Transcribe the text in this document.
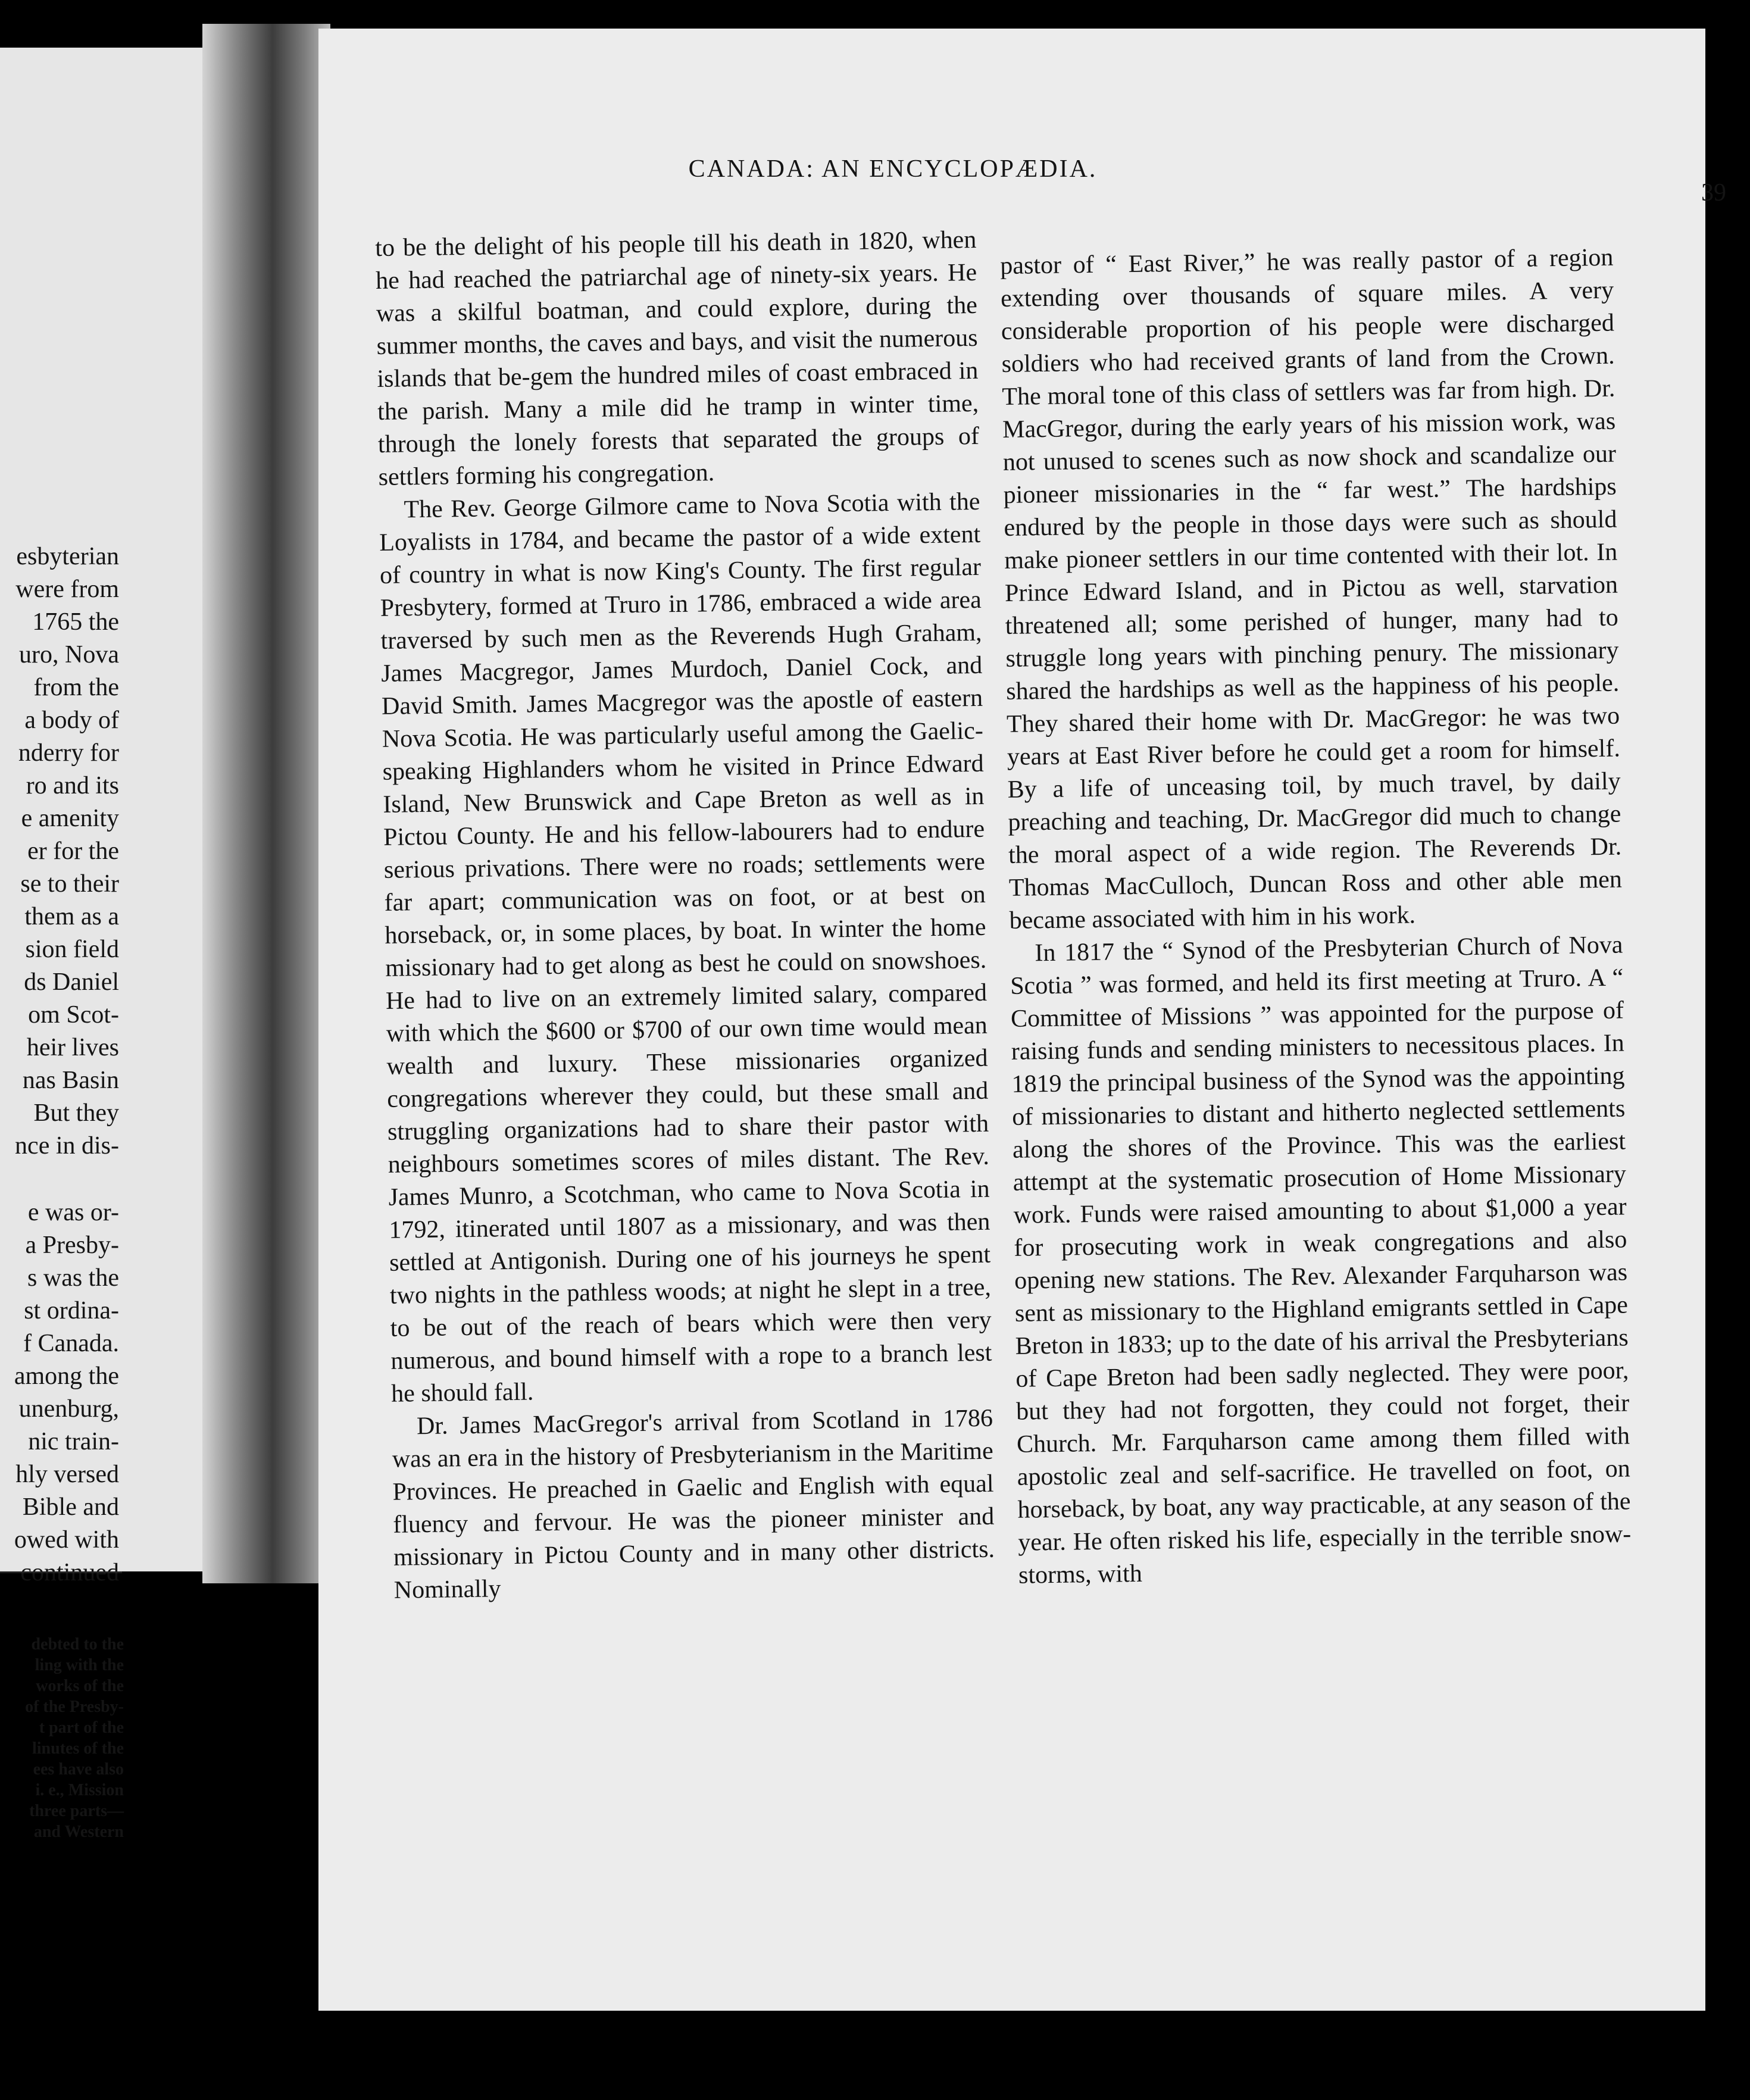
esbyterian
were from
1765 the
uro, Nova
from the
a body of
nderry for
ro and its
e amenity
er for the
se to their
them as a
sion field
ds Daniel
om Scot-
heir lives
nas Basin
But they
nce in dis-
e was or-
a Presby-
s was the
st ordina-
f Canada.
among the
unenburg,
nic train-
hly versed
Bible and
owed with
continued
debted to the
ling with the
works of the
of the Presby-
t part of the
linutes of the
ees have also
i. e., Mission
three parts—
and Western
CANADA: AN ENCYCLOPÆDIA.
39

to be the delight of his people till his death in 1820, when he had reached the patriarchal age of ninety-six years. He was a skilful boatman, and could explore, during the summer months, the caves and bays, and visit the numerous islands that be-gem the hundred miles of coast embraced in the parish. Many a mile did he tramp in winter time, through the lonely forests that separated the groups of settlers forming his congregation.

The Rev. George Gilmore came to Nova Scotia with the Loyalists in 1784, and became the pastor of a wide extent of country in what is now King's County. The first regular Presbytery, formed at Truro in 1786, embraced a wide area traversed by such men as the Reverends Hugh Graham, James Macgregor, James Murdoch, Daniel Cock, and David Smith. James Macgregor was the apostle of eastern Nova Scotia. He was particularly useful among the Gaelic-speaking Highlanders whom he visited in Prince Edward Island, New Brunswick and Cape Breton as well as in Pictou County. He and his fellow-labourers had to endure serious privations. There were no roads; settlements were far apart; communication was on foot, or at best on horseback, or, in some places, by boat. In winter the home missionary had to get along as best he could on snowshoes. He had to live on an extremely limited salary, compared with which the $600 or $700 of our own time would mean wealth and luxury. These missionaries organized congregations wherever they could, but these small and struggling organizations had to share their pastor with neighbours sometimes scores of miles distant. The Rev. James Munro, a Scotchman, who came to Nova Scotia in 1792, itinerated until 1807 as a missionary, and was then settled at Antigonish. During one of his journeys he spent two nights in the pathless woods; at night he slept in a tree, to be out of the reach of bears which were then very numerous, and bound himself with a rope to a branch lest he should fall.

Dr. James MacGregor's arrival from Scotland in 1786 was an era in the history of Presbyterianism in the Maritime Provinces. He preached in Gaelic and English with equal fluency and fervour. He was the pioneer minister and missionary in Pictou County and in many other districts. Nominally

pastor of “ East River,” he was really pastor of a region extending over thousands of square miles. A very considerable proportion of his people were discharged soldiers who had received grants of land from the Crown. The moral tone of this class of settlers was far from high. Dr. MacGregor, during the early years of his mission work, was not unused to scenes such as now shock and scandalize our pioneer missionaries in the “ far west.” The hardships endured by the people in those days were such as should make pioneer settlers in our time contented with their lot. In Prince Edward Island, and in Pictou as well, starvation threatened all; some perished of hunger, many had to struggle long years with pinching penury. The missionary shared the hardships as well as the happiness of his people. They shared their home with Dr. MacGregor: he was two years at East River before he could get a room for himself. By a life of unceasing toil, by much travel, by daily preaching and teaching, Dr. MacGregor did much to change the moral aspect of a wide region. The Reverends Dr. Thomas MacCulloch, Duncan Ross and other able men became associated with him in his work.

In 1817 the “ Synod of the Presbyterian Church of Nova Scotia ” was formed, and held its first meeting at Truro. A “ Committee of Missions ” was appointed for the purpose of raising funds and sending ministers to necessitous places. In 1819 the principal business of the Synod was the appointing of missionaries to distant and hitherto neglected settlements along the shores of the Province. This was the earliest attempt at the systematic prosecution of Home Missionary work. Funds were raised amounting to about $1,000 a year for prosecuting work in weak congregations and also opening new stations. The Rev. Alexander Farquharson was sent as missionary to the Highland emigrants settled in Cape Breton in 1833; up to the date of his arrival the Presbyterians of Cape Breton had been sadly neglected. They were poor, but they had not forgotten, they could not forget, their Church. Mr. Farquharson came among them filled with apostolic zeal and self-sacrifice. He travelled on foot, on horseback, by boat, any way practicable, at any season of the year. He often risked his life, especially in the terrible snow-storms, with
